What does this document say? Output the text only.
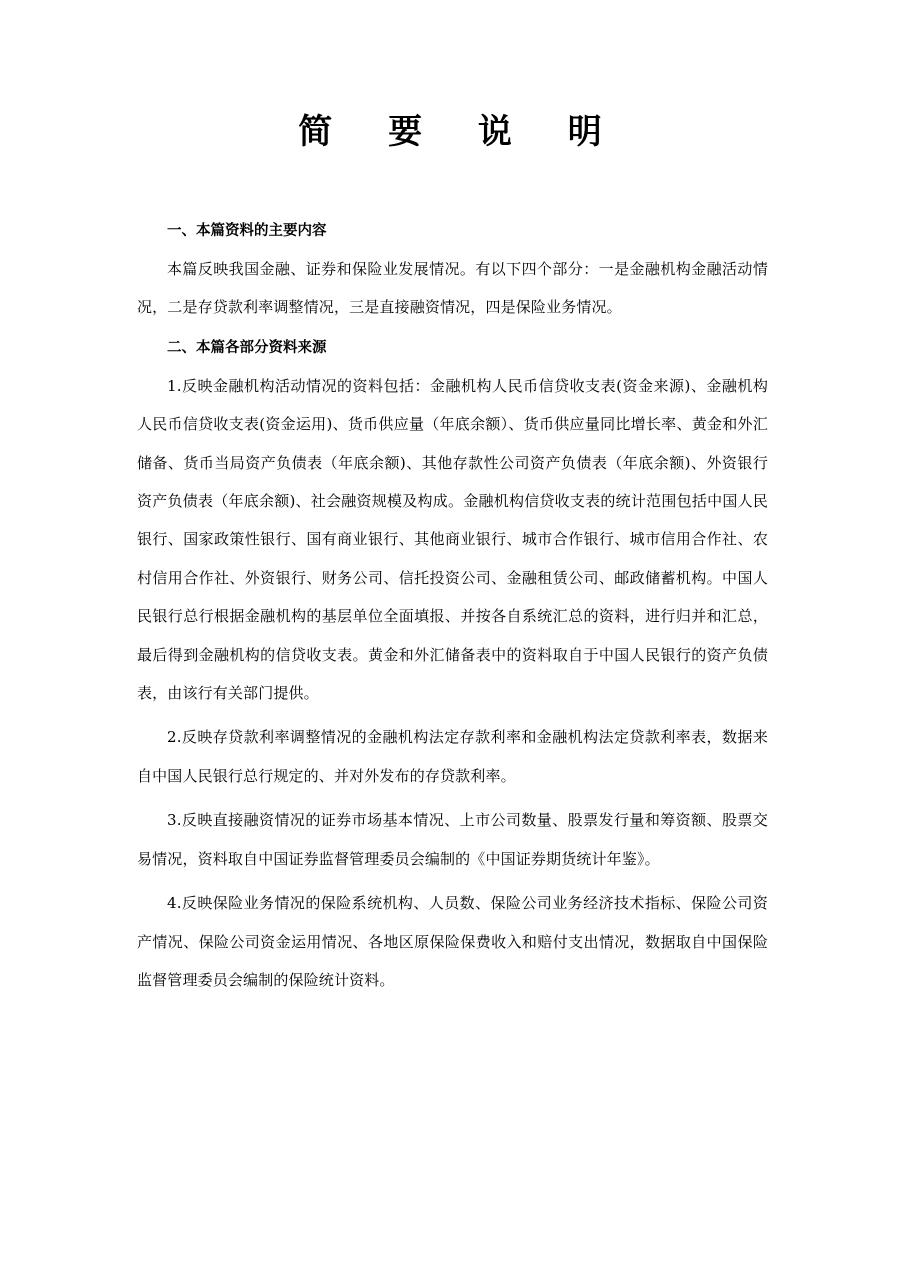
简 要 说 明
一、本篇资料的主要内容

本篇反映我国金融、证券和保险业发展情况。有以下四个部分：一是金融机构金融活动情况，二是存贷款利率调整情况，三是直接融资情况，四是保险业务情况。

二、本篇各部分资料来源

1.反映金融机构活动情况的资料包括：金融机构人民币信贷收支表(资金来源)、金融机构人民币信贷收支表(资金运用)、货币供应量（年底余额）、货币供应量同比增长率、黄金和外汇储备、货币当局资产负债表（年底余额)、其他存款性公司资产负债表（年底余额)、外资银行资产负债表（年底余额)、社会融资规模及构成。金融机构信贷收支表的统计范围包括中国人民银行、国家政策性银行、国有商业银行、其他商业银行、城市合作银行、城市信用合作社、农村信用合作社、外资银行、财务公司、信托投资公司、金融租赁公司、邮政储蓄机构。中国人民银行总行根据金融机构的基层单位全面填报、并按各自系统汇总的资料，进行归并和汇总，最后得到金融机构的信贷收支表。黄金和外汇储备表中的资料取自于中国人民银行的资产负债表，由该行有关部门提供。

2.反映存贷款利率调整情况的金融机构法定存款利率和金融机构法定贷款利率表，数据来自中国人民银行总行规定的、并对外发布的存贷款利率。

3.反映直接融资情况的证券市场基本情况、上市公司数量、股票发行量和筹资额、股票交易情况，资料取自中国证券监督管理委员会编制的《中国证券期货统计年鉴》。

4.反映保险业务情况的保险系统机构、人员数、保险公司业务经济技术指标、保险公司资产情况、保险公司资金运用情况、各地区原保险保费收入和赔付支出情况，数据取自中国保险监督管理委员会编制的保险统计资料。
